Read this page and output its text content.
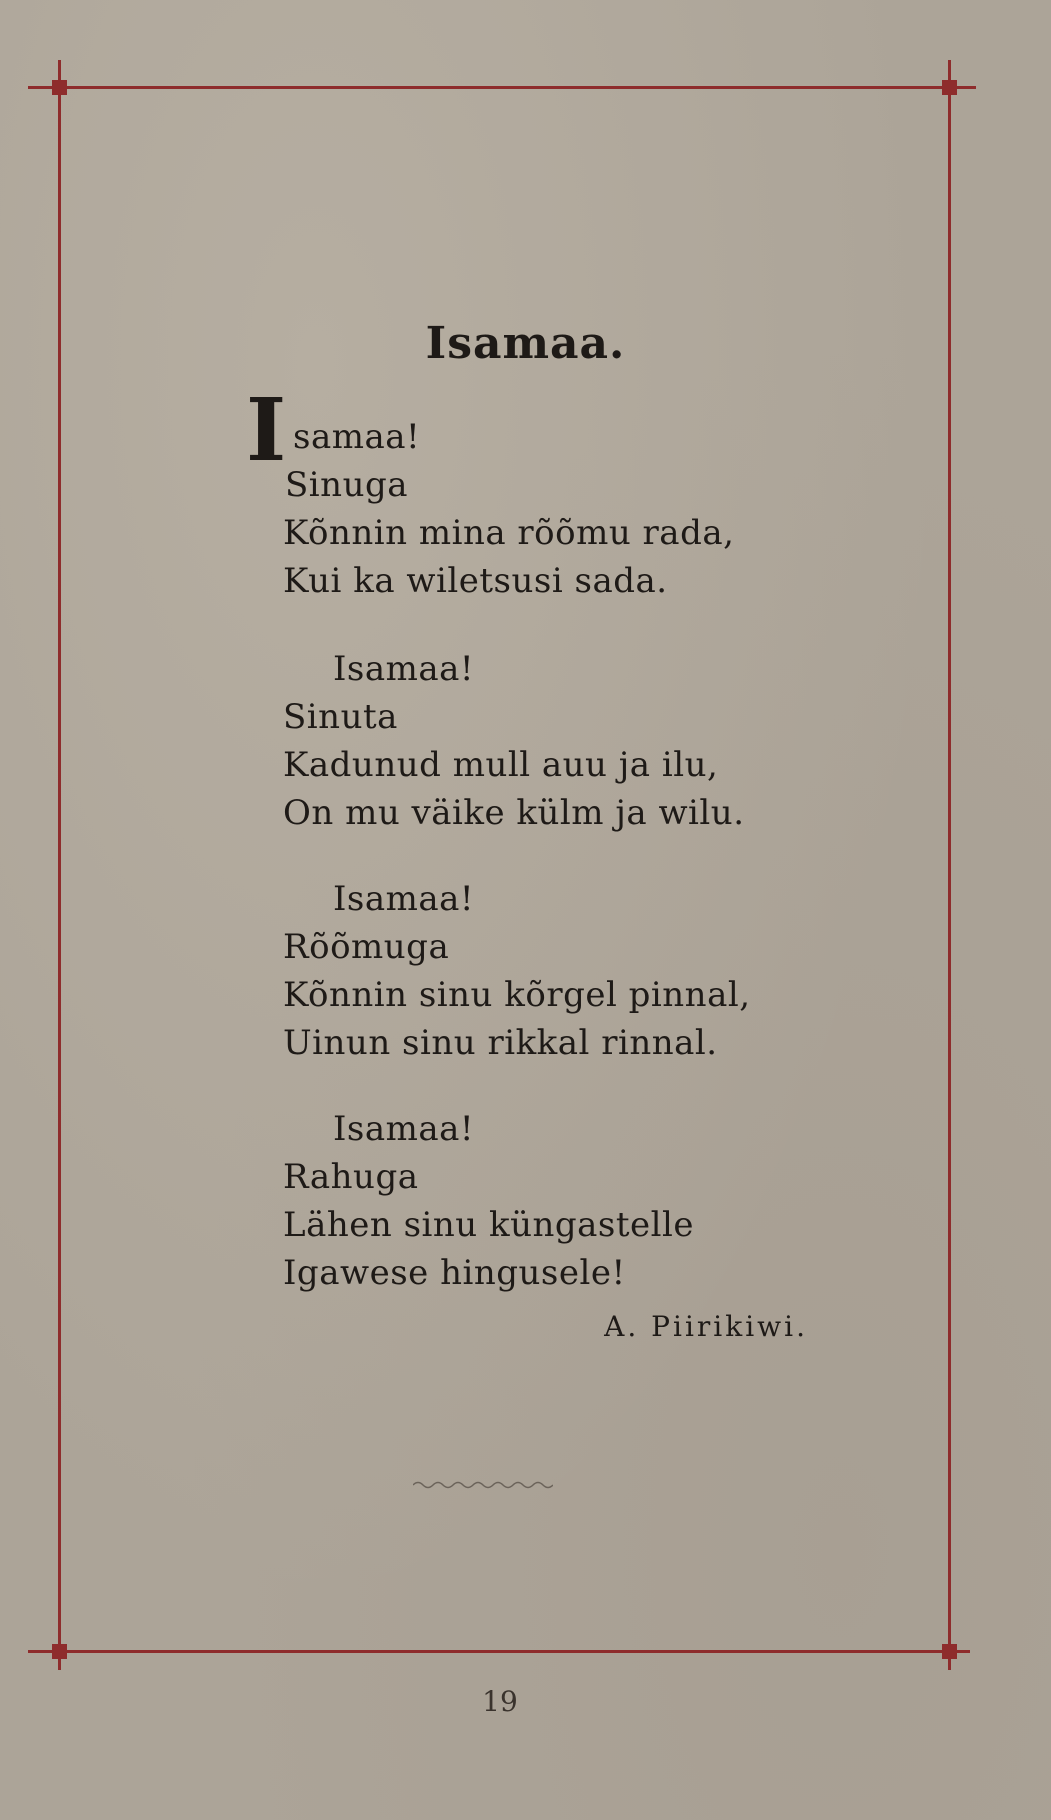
Isamaa.
I samaa!
Sinuga
Kõnnin mina rõõmu rada,
Kui ka wiletsusi sada.
Isamaa!
Sinuta
Kadunud mull auu ja ilu,
On mu väike külm ja wilu.
Isamaa!
Rõõmuga
Kõnnin sinu kõrgel pinnal,
Uinun sinu rikkal rinnal.
Isamaa!
Rahuga
Lähen sinu küngastelle
Igawese hingusele!
A. Piirikiwi.
19
